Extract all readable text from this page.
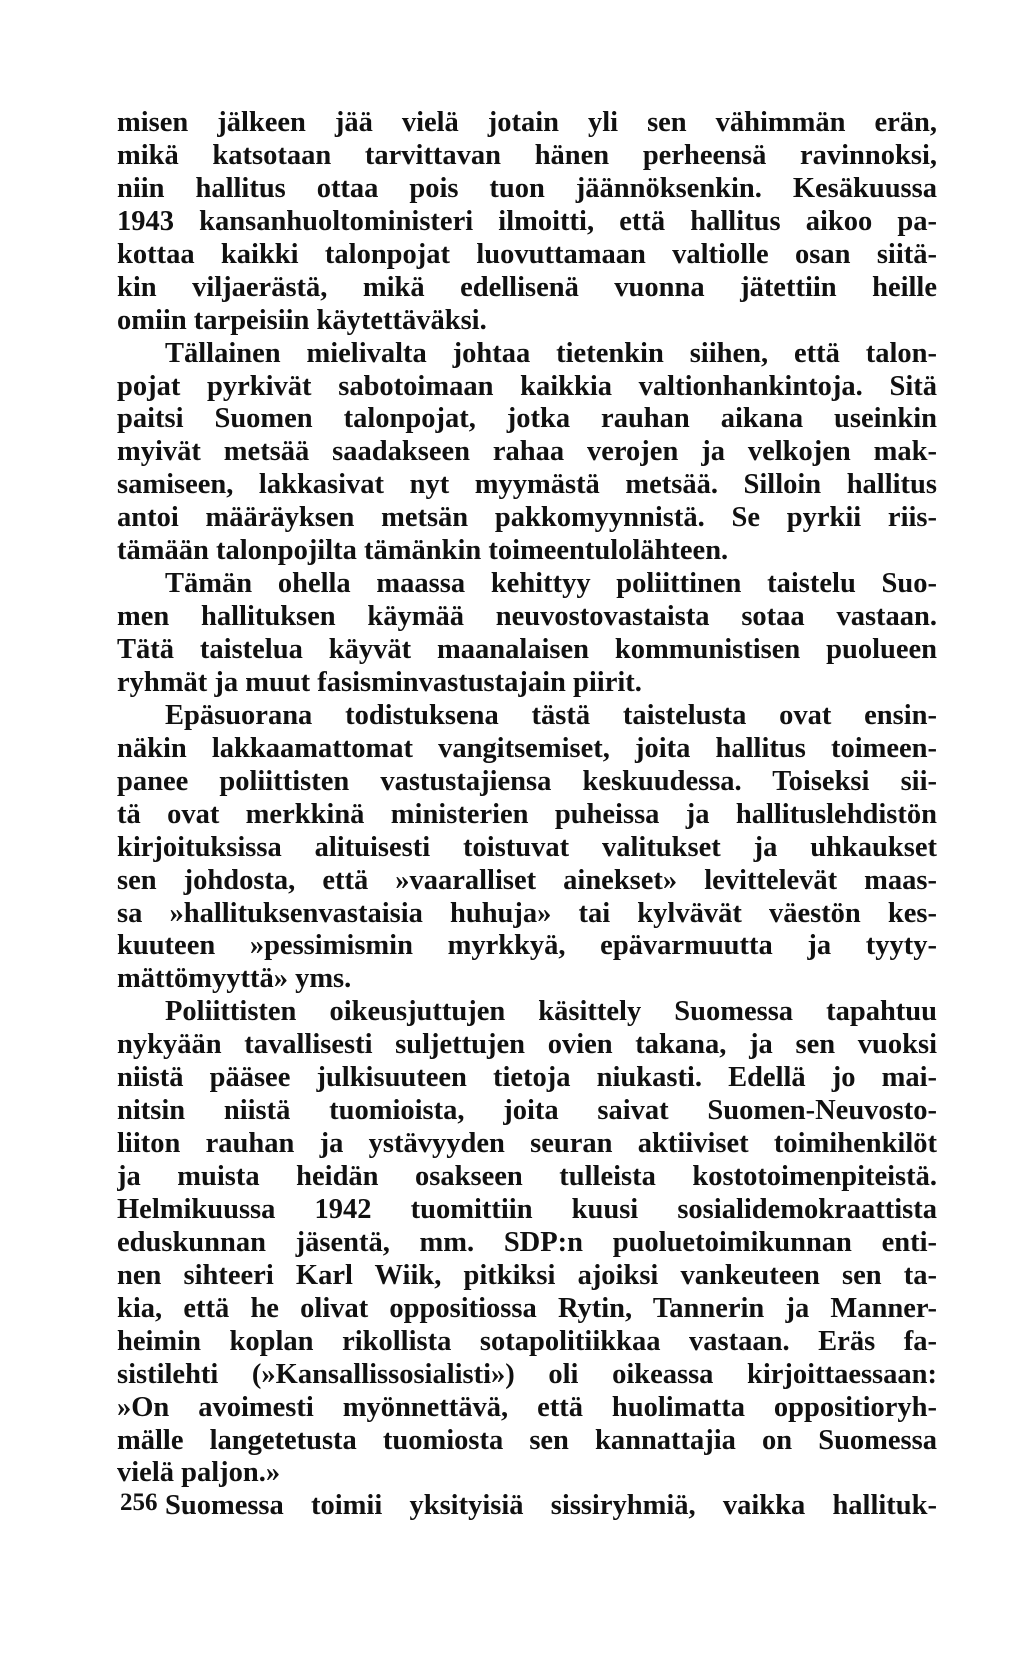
misen jälkeen jää vielä jotain yli sen vähimmän erän,
mikä katsotaan tarvittavan hänen perheensä ravinnoksi,
niin hallitus ottaa pois tuon jäännöksenkin. Kesäkuussa
1943 kansanhuoltoministeri ilmoitti, että hallitus aikoo pa-
kottaa kaikki talonpojat luovuttamaan valtiolle osan siitä-
kin viljaerästä, mikä edellisenä vuonna jätettiin heille
omiin tarpeisiin käytettäväksi.
Tällainen mielivalta johtaa tietenkin siihen, että talon-
pojat pyrkivät sabotoimaan kaikkia valtionhankintoja. Sitä
paitsi Suomen talonpojat, jotka rauhan aikana useinkin
myivät metsää saadakseen rahaa verojen ja velkojen mak-
samiseen, lakkasivat nyt myymästä metsää. Silloin hallitus
antoi määräyksen metsän pakkomyynnistä. Se pyrkii riis-
tämään talonpojilta tämänkin toimeentulolähteen.
Tämän ohella maassa kehittyy poliittinen taistelu Suo-
men hallituksen käymää neuvostovastaista sotaa vastaan.
Tätä taistelua käyvät maanalaisen kommunistisen puolueen
ryhmät ja muut fasisminvastustajain piirit.
Epäsuorana todistuksena tästä taistelusta ovat ensin-
näkin lakkaamattomat vangitsemiset, joita hallitus toimeen-
panee poliittisten vastustajiensa keskuudessa. Toiseksi sii-
tä ovat merkkinä ministerien puheissa ja hallituslehdistön
kirjoituksissa alituisesti toistuvat valitukset ja uhkaukset
sen johdosta, että »vaaralliset ainekset» levittelevät maas-
sa »hallituksenvastaisia huhuja» tai kylvävät väestön kes-
kuuteen »pessimismin myrkkyä, epävarmuutta ja tyyty-
mättömyyttä» yms.
Poliittisten oikeusjuttujen käsittely Suomessa tapahtuu
nykyään tavallisesti suljettujen ovien takana, ja sen vuoksi
niistä pääsee julkisuuteen tietoja niukasti. Edellä jo mai-
nitsin niistä tuomioista, joita saivat Suomen-Neuvosto-
liiton rauhan ja ystävyyden seuran aktiiviset toimihenkilöt
ja muista heidän osakseen tulleista kostotoimenpiteistä.
Helmikuussa 1942 tuomittiin kuusi sosialidemokraattista
eduskunnan jäsentä, mm. SDP:n puoluetoimikunnan enti-
nen sihteeri Karl Wiik, pitkiksi ajoiksi vankeuteen sen ta-
kia, että he olivat oppositiossa Rytin, Tannerin ja Manner-
heimin koplan rikollista sotapolitiikkaa vastaan. Eräs fa-
sistilehti (»Kansallissosialisti») oli oikeassa kirjoittaessaan:
»On avoimesti myönnettävä, että huolimatta oppositioryh-
mälle langetetusta tuomiosta sen kannattajia on Suomessa
vielä paljon.»
Suomessa toimii yksityisiä sissiryhmiä, vaikka hallituk-
256
